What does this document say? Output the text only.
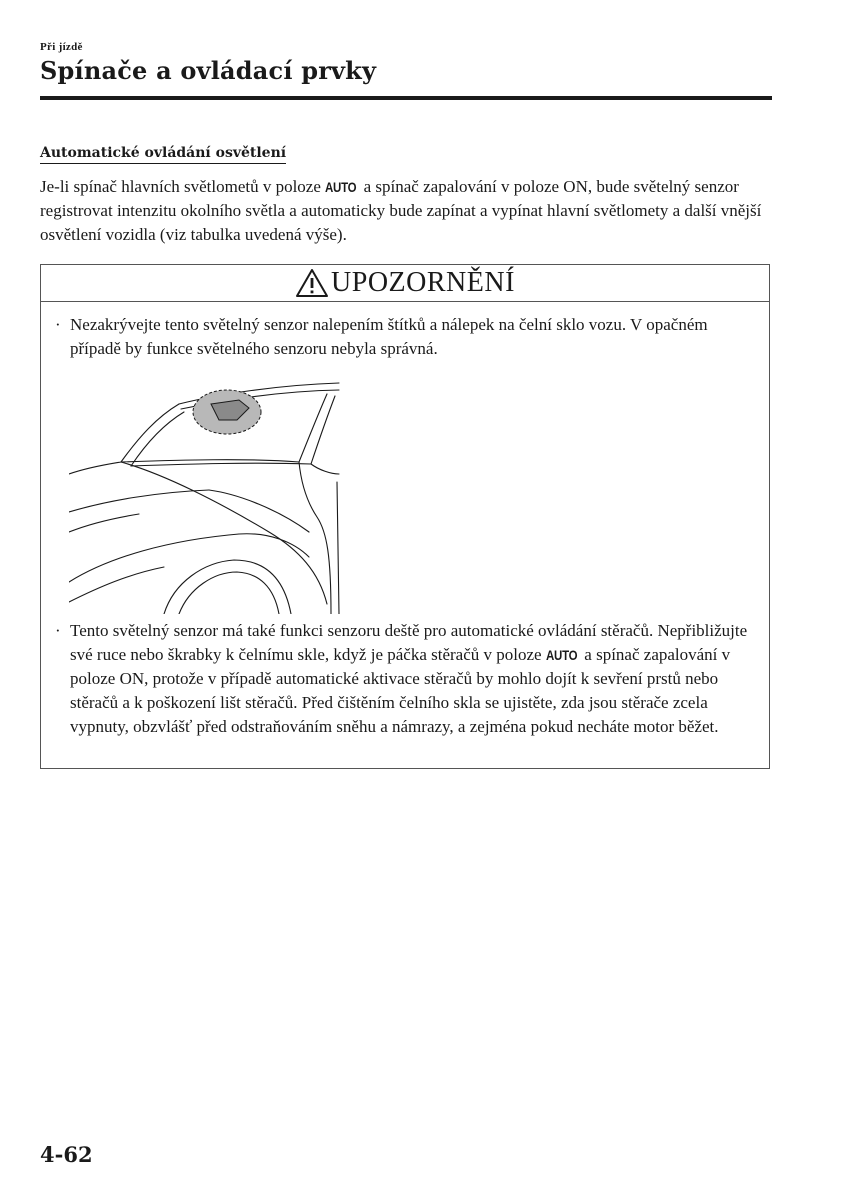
Při jízdě
Spínače a ovládací prvky
Automatické ovládání osvětlení

Je-li spínač hlavních světlometů v poloze AUTO a spínač zapalování v poloze ON, bude světelný senzor registrovat intenzitu okolního světla a automaticky bude zapínat a vypínat hlavní světlomety a další vnější osvětlení vozidla (viz tabulka uvedená výše).

UPOZORNĚNÍ
· Nezakrývejte tento světelný senzor nalepením štítků a nálepek na čelní sklo vozu. V opačném případě by funkce světelného senzoru nebyla správná.
· Tento světelný senzor má také funkci senzoru deště pro automatické ovládání stěračů. Nepřibližujte své ruce nebo škrabky k čelnímu skle, když je páčka stěračů v poloze AUTO a spínač zapalování v poloze ON, protože v případě automatické aktivace stěračů by mohlo dojít k sevření prstů nebo stěračů a k poškození lišt stěračů. Před čištěním čelního skla se ujistěte, zda jsou stěrače zcela vypnuty, obzvlášť před odstraňováním sněhu a námrazy, a zejména pokud necháte motor běžet.
4-62
